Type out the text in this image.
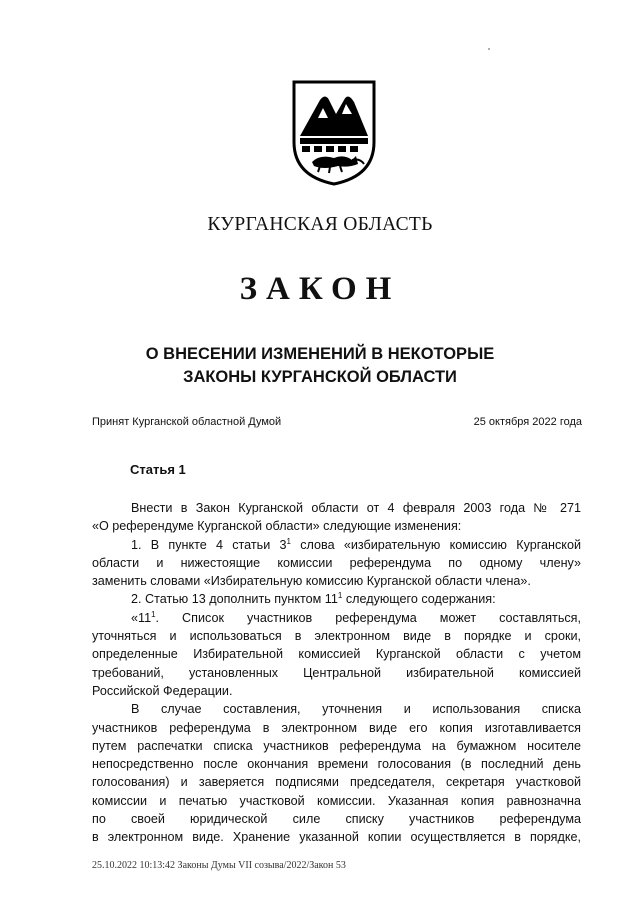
КУРГАНСКАЯ ОБЛАСТЬ
ЗАКОН
О ВНЕСЕНИИ ИЗМЕНЕНИЙ В НЕКОТОРЫЕ
ЗАКОНЫ КУРГАНСКОЙ ОБЛАСТИ
Принят Курганской областной Думой	25 октября 2022 года
Статья 1
Внести в Закон Курганской области от 4 февраля 2003 года № 271
«О референдуме Курганской области» следующие изменения:
1. В пункте 4 статьи $3^1$ слова «избирательную комиссию Курганской
области и нижестоящие комиссии референдума по одному члену»
заменить словами «Избирательную комиссию Курганской области члена».
2. Статью 13 дополнить пунктом $11^1$ следующего содержания:
«$11^1$. Список участников референдума может составляться,
уточняться и использоваться в электронном виде в порядке и сроки,
определенные Избирательной комиссией Курганской области с учетом
требований, установленных Центральной избирательной комиссией
Российской Федерации.
В случае составления, уточнения и использования списка
участников референдума в электронном виде его копия изготавливается
путем распечатки списка участников референдума на бумажном носителе
непосредственно после окончания времени голосования (в последний день
голосования) и заверяется подписями председателя, секретаря участковой
комиссии и печатью участковой комиссии. Указанная копия равнозначна
по своей юридической силе списку участников референдума
в электронном виде. Хранение указанной копии осуществляется в порядке,
25.10.2022 10:13:42 Законы Думы VII созыва/2022/Закон 53
